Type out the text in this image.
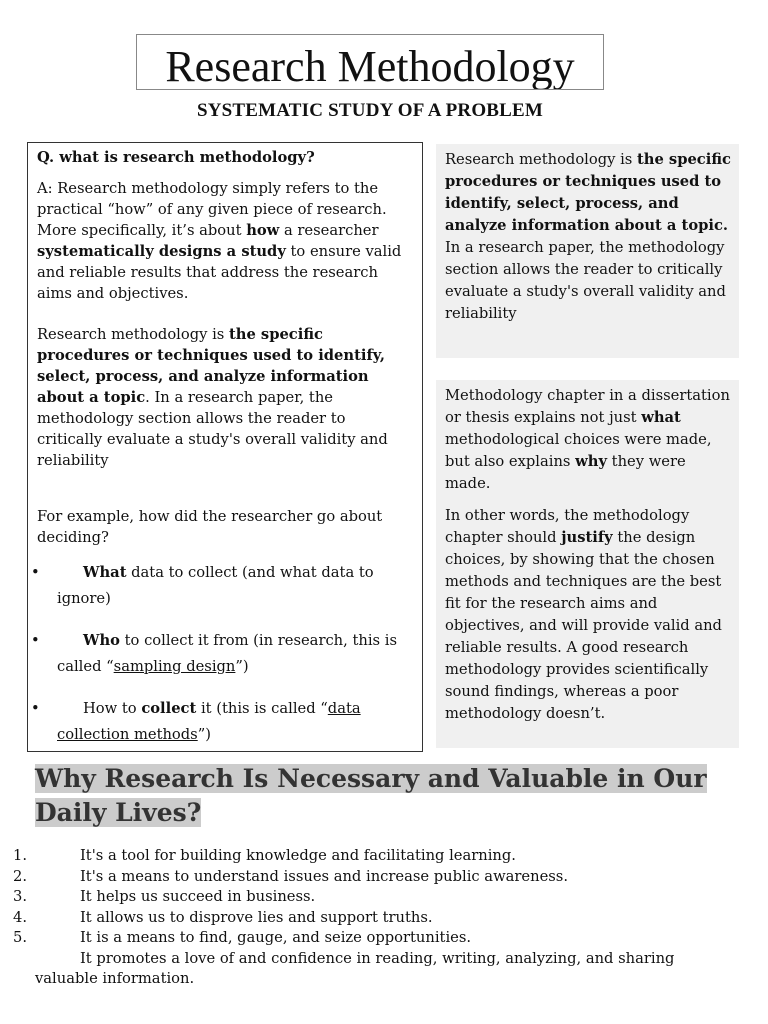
Research Methodology
SYSTEMATIC STUDY OF A PROBLEM

Q. what is research methodology?

A: Research methodology simply refers to the practical “how” of any given piece of research. More specifically, it’s about how a researcher systematically designs a study to ensure valid and reliable results that address the research aims and objectives.

Research methodology is the specific procedures or techniques used to identify, select, process, and analyze information about a topic. In a research paper, the methodology section allows the reader to critically evaluate a study's overall validity and reliability

For example, how did the researcher go about deciding?

•	What data to collect (and what data to ignore)
•	Who to collect it from (in research, this is called “sampling design”)
•	How to collect it (this is called “data collection methods”)

Research methodology is the specific procedures or techniques used to identify, select, process, and analyze information about a topic. In a research paper, the methodology section allows the reader to critically evaluate a study's overall validity and reliability

Methodology chapter in a dissertation or thesis explains not just what methodological choices were made, but also explains why they were made.

In other words, the methodology chapter should justify the design choices, by showing that the chosen methods and techniques are the best fit for the research aims and objectives, and will provide valid and reliable results. A good research methodology provides scientifically sound findings, whereas a poor methodology doesn’t.

Why Research Is Necessary and Valuable in Our Daily Lives?
1.	It's a tool for building knowledge and facilitating learning.
2.	It's a means to understand issues and increase public awareness.
3.	It helps us succeed in business.
4.	It allows us to disprove lies and support truths.
5.	It is a means to find, gauge, and seize opportunities.
It promotes a love of and confidence in reading, writing, analyzing, and sharing valuable information.
